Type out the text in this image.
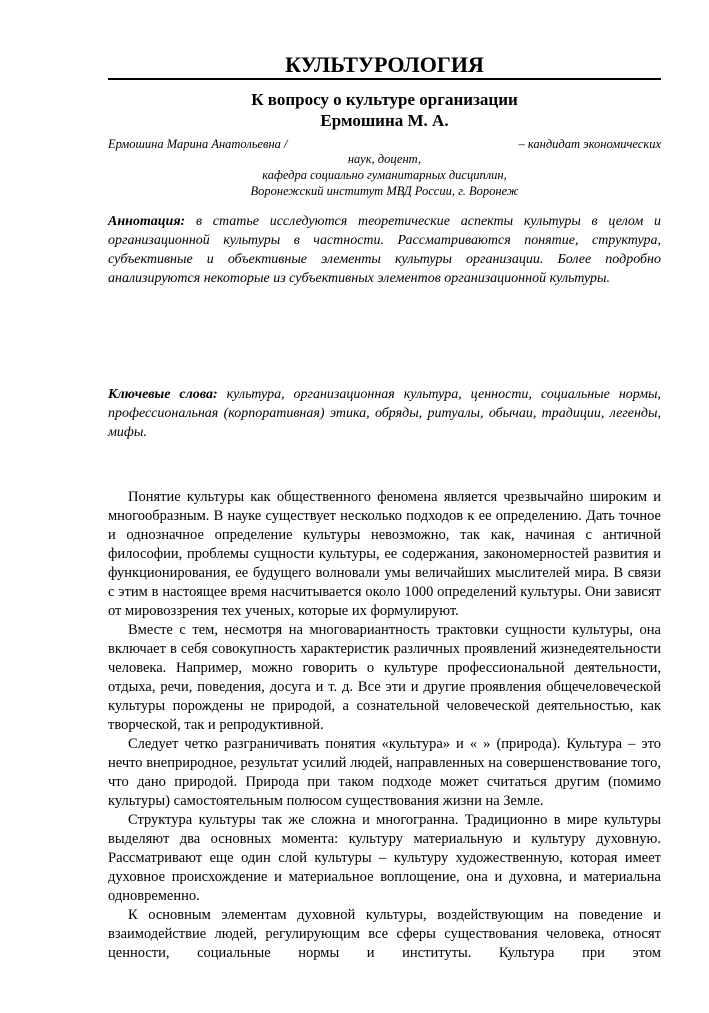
КУЛЬТУРОЛОГИЯ
К вопросу о культуре организации
Ермошина М. А.
Ермошина Марина Анатольевна /	– кандидат экономических
наук, доцент,
кафедра социально гуманитарных дисциплин,
Воронежский институт МВД России, г. Воронеж
Аннотация: в статье исследуются теоретические аспекты культуры в целом и организационной культуры в частности. Рассматриваются понятие, структура, субъективные и объективные элементы культуры организации. Более подробно анализируются некоторые из субъективных элементов организационной культуры.
Ключевые слова: культура, организационная культура, ценности, социальные нормы, профессиональная (корпоративная) этика, обряды, ритуалы, обычаи, традиции, легенды, мифы.

Понятие культуры как общественного феномена является чрезвычайно широким и многообразным. В науке существует несколько подходов к ее определению. Дать точное и однозначное определение культуры невозможно, так как, начиная с античной философии, проблемы сущности культуры, ее содержания, закономерностей развития и функционирования, ее будущего волновали умы величайших мыслителей мира. В связи с этим в настоящее время насчитывается около 1000 определений культуры. Они зависят от мировоззрения тех ученых, которые их формулируют.

Вместе с тем, несмотря на многовариантность трактовки сущности культуры, она включает в себя совокупность характеристик различных проявлений жизнедеятельности человека. Например, можно говорить о культуре профессиональной деятельности, отдыха, речи, поведения, досуга и т. д. Все эти и другие проявления общечеловеческой культуры порождены не природой, а сознательной человеческой деятельностью, как творческой, так и репродуктивной.

Следует четко разграничивать понятия «культура» и « » (природа). Культура – это нечто внеприродное, результат усилий людей, направленных на совершенствование того, что дано природой. Природа при таком подходе может считаться другим (помимо культуры) самостоятельным полюсом существования жизни на Земле.

Структура культуры так же сложна и многогранна. Традиционно в мире культуры выделяют два основных момента: культуру материальную и культуру духовную. Рассматривают еще один слой культуры – культуру художественную, которая имеет духовное происхождение и материальное воплощение, она и духовна, и материальна одновременно.

К основным элементам духовной культуры, воздействующим на поведение и взаимодействие людей, регулирующим все сферы существования человека, относят ценности, социальные нормы и институты. Культура при этом
